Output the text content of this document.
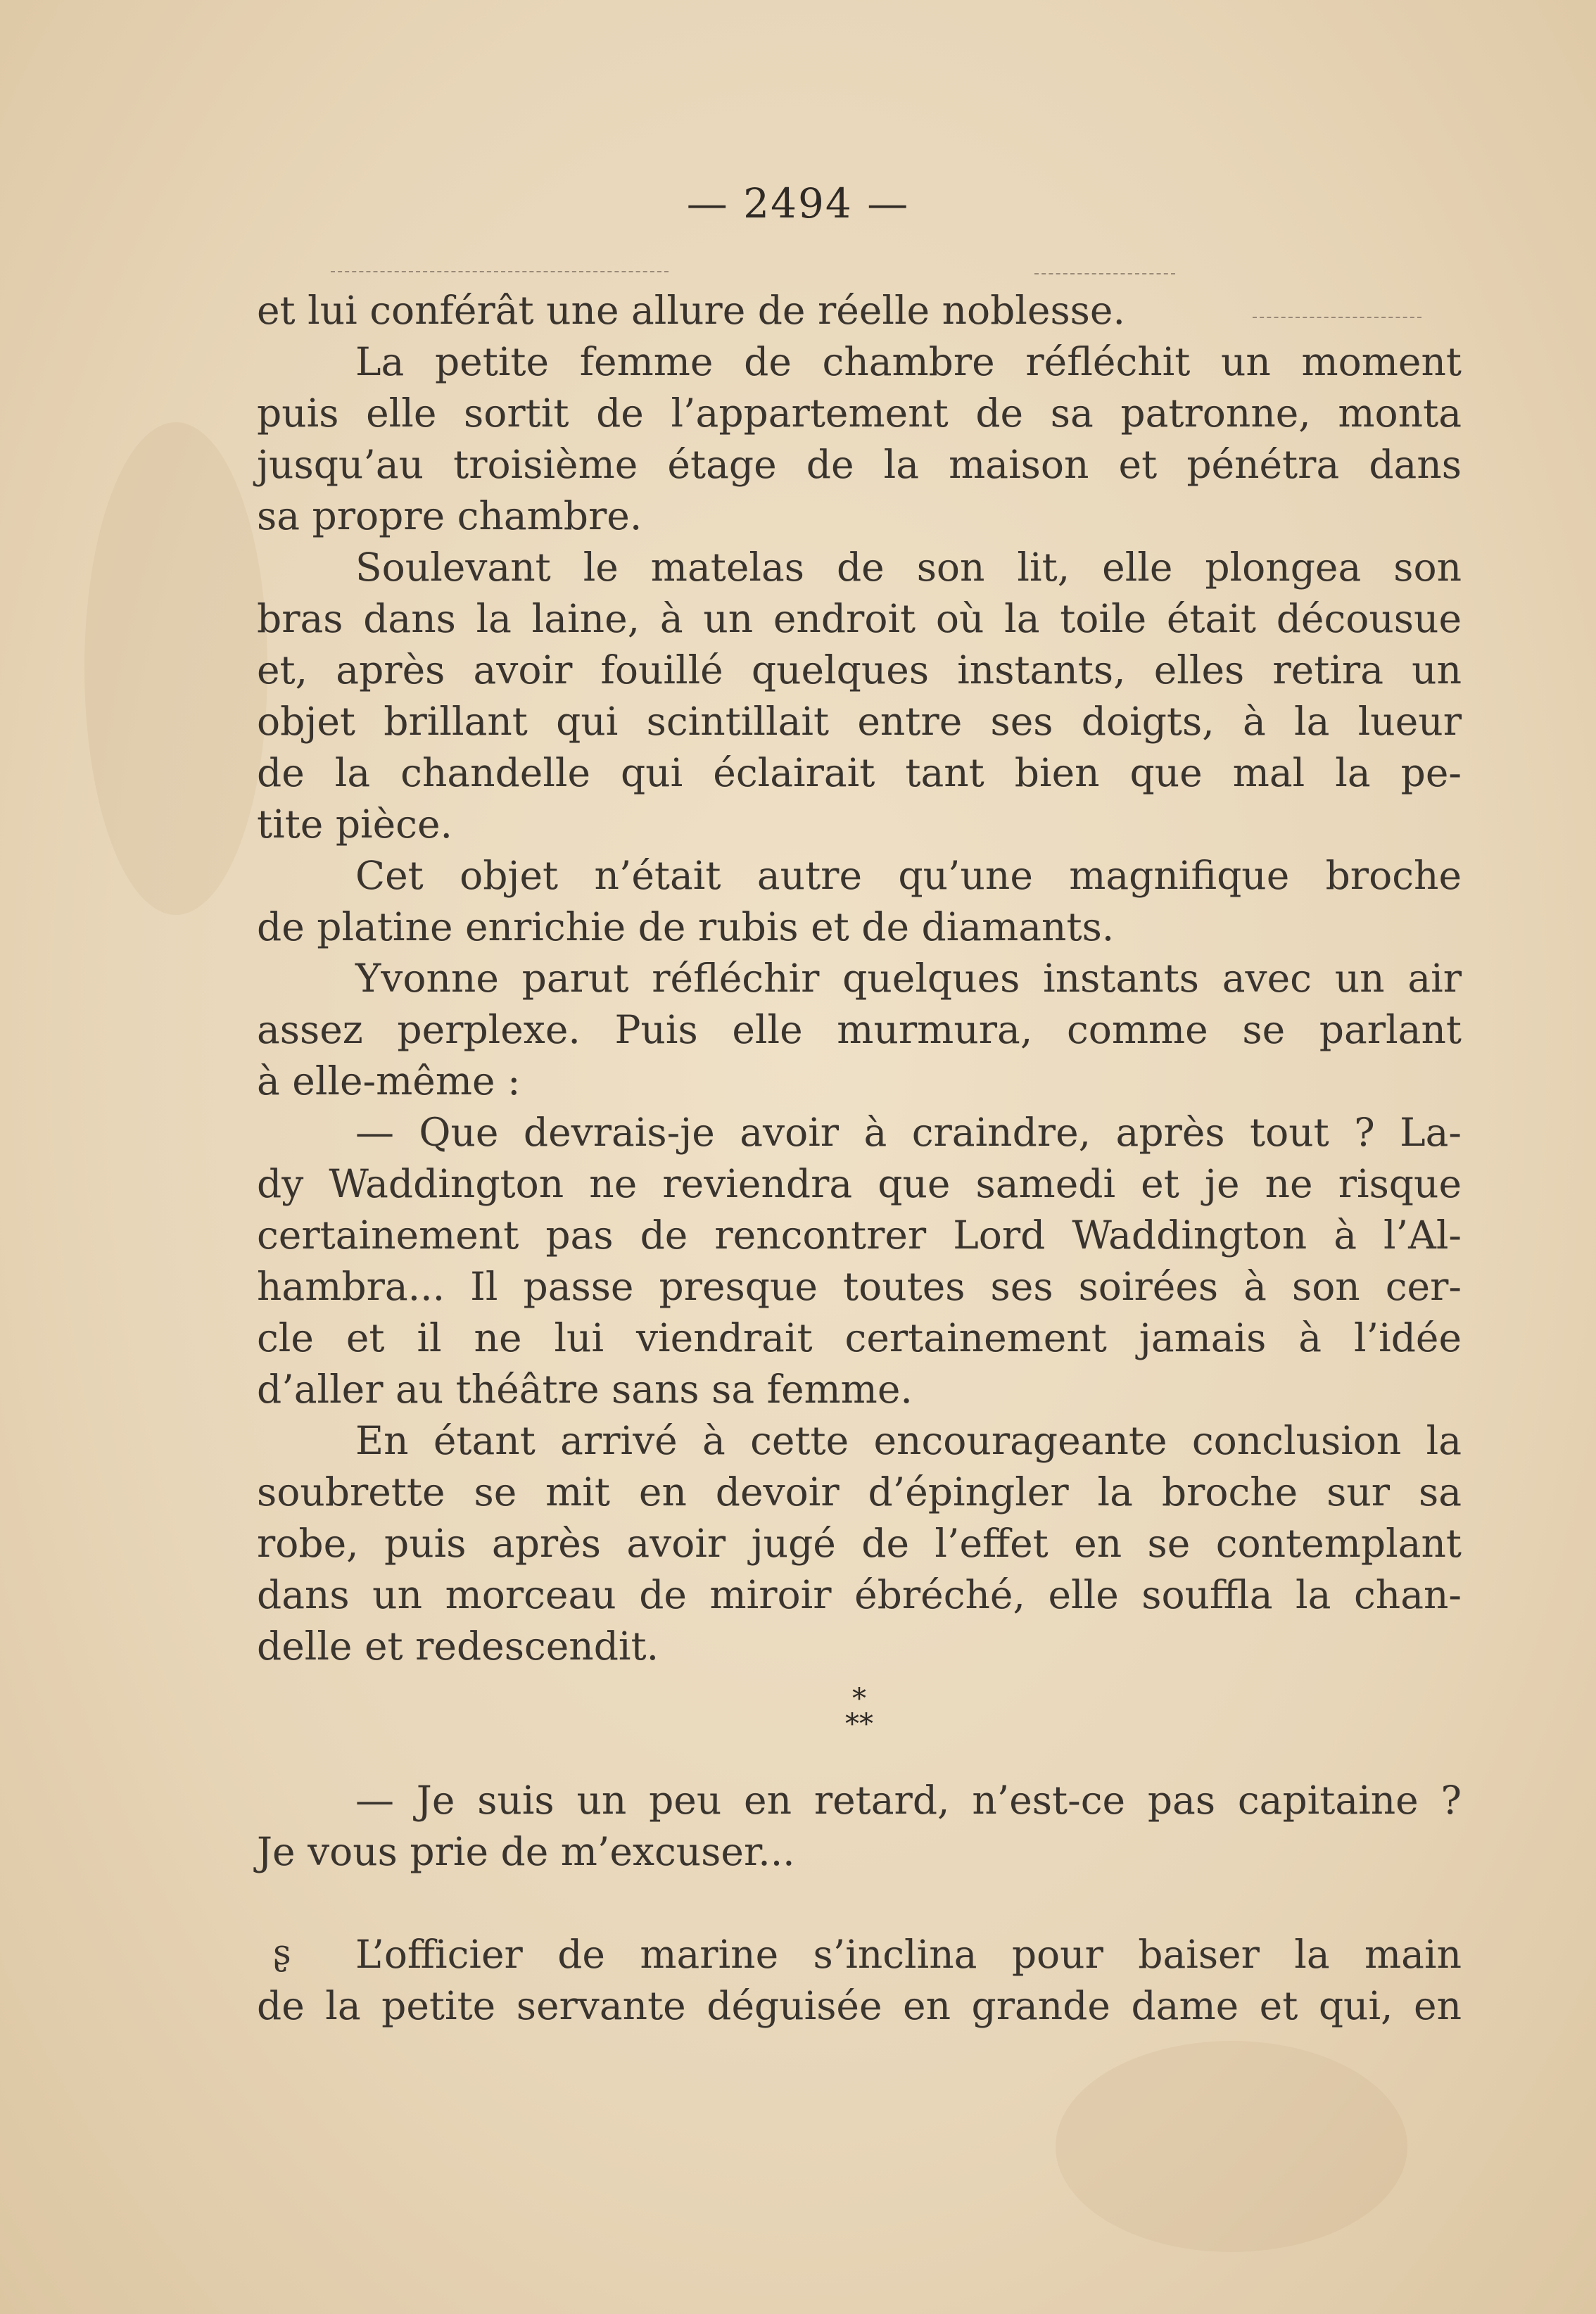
— 2494 —
et lui conférât une allure de réelle noblesse.
La petite femme de chambre réfléchit un moment
puis elle sortit de l’appartement de sa patronne, monta
jusqu’au troisième étage de la maison et pénétra dans
sa propre chambre.
Soulevant le matelas de son lit, elle plongea son
bras dans la laine, à un endroit où la toile était décousue
et, après avoir fouillé quelques instants, elles retira un
objet brillant qui scintillait entre ses doigts, à la lueur
de la chandelle qui éclairait tant bien que mal la pe-
tite pièce.
Cet objet n’était autre qu’une magnifique broche
de platine enrichie de rubis et de diamants.
Yvonne parut réfléchir quelques instants avec un air
assez perplexe. Puis elle murmura, comme se parlant
à elle-même :
— Que devrais-je avoir à craindre, après tout ? La-
dy Waddington ne reviendra que samedi et je ne risque
certainement pas de rencontrer Lord Waddington à l’Al-
hambra... Il passe presque toutes ses soirées à son cer-
cle et il ne lui viendrait certainement jamais à l’idée
d’aller au théâtre sans sa femme.
En étant arrivé à cette encourageante conclusion la
soubrette se mit en devoir d’épingler la broche sur sa
robe, puis après avoir jugé de l’effet en se contemplant
dans un morceau de miroir ébréché, elle souffla la chan-
delle et redescendit.
*
**
— Je suis un peu en retard, n’est-ce pas capitaine ?
Je vous prie de m’excuser...
L’officier de marine s’inclina pour baiser la main
de la petite servante déguisée en grande dame et qui, en
ʂ
